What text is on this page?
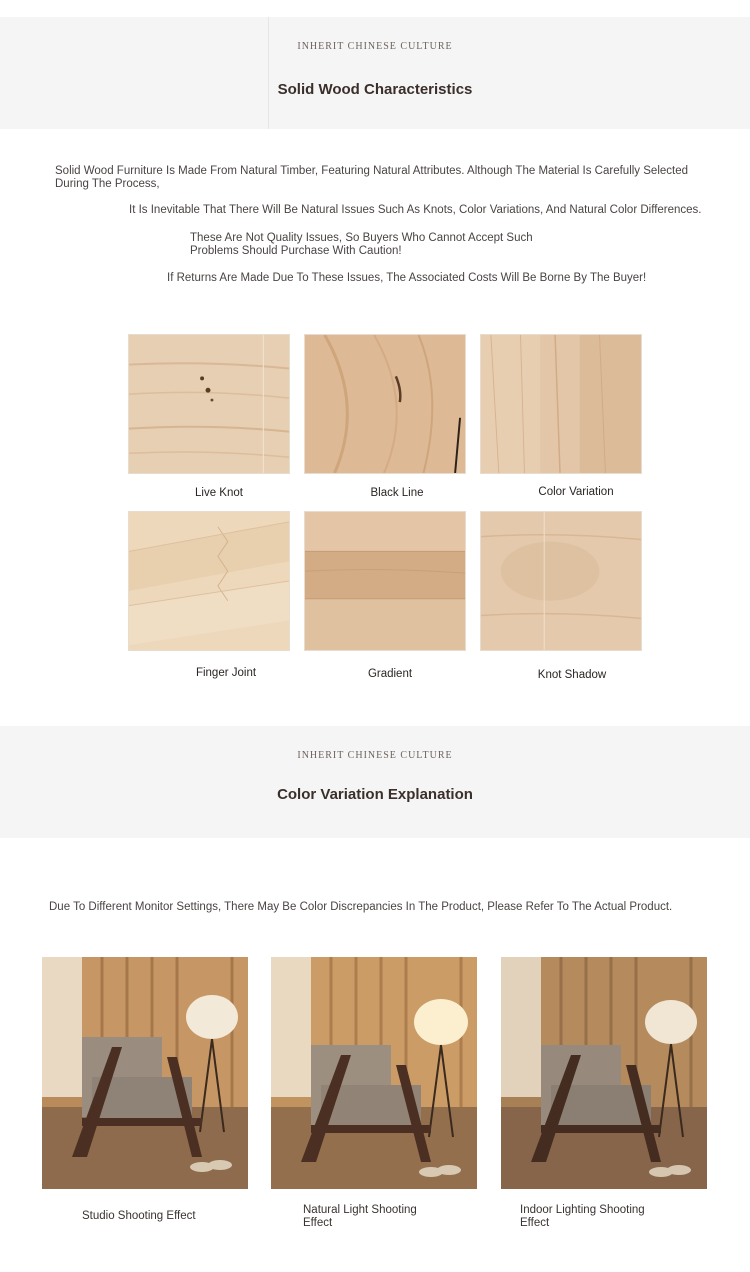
INHERIT CHINESE CULTURE
Solid Wood Characteristics
Solid Wood Furniture Is Made From Natural Timber, Featuring Natural Attributes. Although The Material Is Carefully Selected During The Process,
It Is Inevitable That There Will Be Natural Issues Such As Knots, Color Variations, And Natural Color Differences.
These Are Not Quality Issues, So Buyers Who Cannot Accept Such Problems Should Purchase With Caution!
If Returns Are Made Due To These Issues, The Associated Costs Will Be Borne By The Buyer!
Live Knot	Black Line	Color Variation
Finger Joint	Gradient	Knot Shadow
INHERIT CHINESE CULTURE
Color Variation Explanation
Due To Different Monitor Settings, There May Be Color Discrepancies In The Product, Please Refer To The Actual Product.
Studio Shooting Effect	Natural Light Shooting Effect
Indoor Lighting Shooting Effect
